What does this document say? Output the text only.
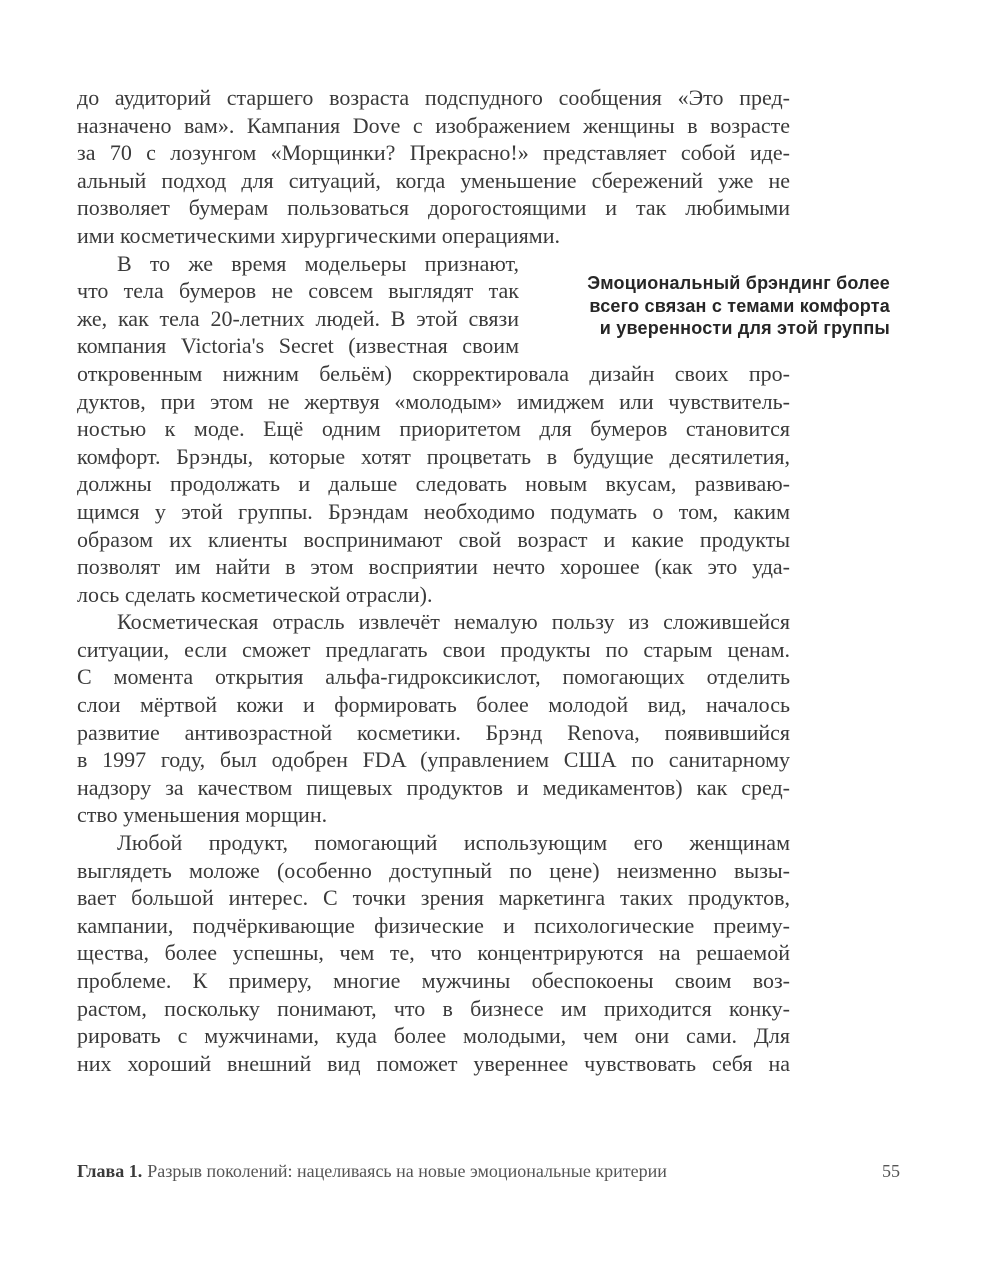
до аудиторий старшего возраста подспудного сообщения «Это пред-
назначено вам». Кампания Dove с изображением женщины в возрасте
за 70 с лозунгом «Морщинки? Прекрасно!» представляет собой иде-
альный подход для ситуаций, когда уменьшение сбережений уже не
позволяет бумерам пользоваться дорогостоящими и так любимыми
ими косметическими хирургическими операциями.
В то же время модельеры признают,
что тела бумеров не совсем выглядят так
же, как тела 20-летних людей. В этой связи
компания Victoria's Secret (известная своим
откровенным нижним бельём) скорректировала дизайн своих про-
дуктов, при этом не жертвуя «молодым» имиджем или чувствитель-
ностью к моде. Ещё одним приоритетом для бумеров становится
комфорт. Брэнды, которые хотят процветать в будущие десятилетия,
должны продолжать и дальше следовать новым вкусам, развиваю-
щимся у этой группы. Брэндам необходимо подумать о том, каким
образом их клиенты воспринимают свой возраст и какие продукты
позволят им найти в этом восприятии нечто хорошее (как это уда-
лось сделать косметической отрасли).
Косметическая отрасль извлечёт немалую пользу из сложившейся
ситуации, если сможет предлагать свои продукты по старым ценам.
С момента открытия альфа-гидроксикислот, помогающих отделить
слои мёртвой кожи и формировать более молодой вид, началось
развитие антивозрастной косметики. Брэнд Renova, появившийся
в 1997 году, был одобрен FDA (управлением США по санитарному
надзору за качеством пищевых продуктов и медикаментов) как сред-
ство уменьшения морщин.
Любой продукт, помогающий использующим его женщинам
выглядеть моложе (особенно доступный по цене) неизменно вызы-
вает большой интерес. С точки зрения маркетинга таких продуктов,
кампании, подчёркивающие физические и психологические преиму-
щества, более успешны, чем те, что концентрируются на решаемой
проблеме. К примеру, многие мужчины обеспокоены своим воз-
растом, поскольку понимают, что в бизнесе им приходится конку-
рировать с мужчинами, куда более молодыми, чем они сами. Для
них хороший внешний вид поможет увереннее чувствовать себя на
Эмоциональный брэндинг более
всего связан с темами комфорта
и уверенности для этой группы
Глава 1. Разрыв поколений: нацеливаясь на новые эмоциональные критерии	55
